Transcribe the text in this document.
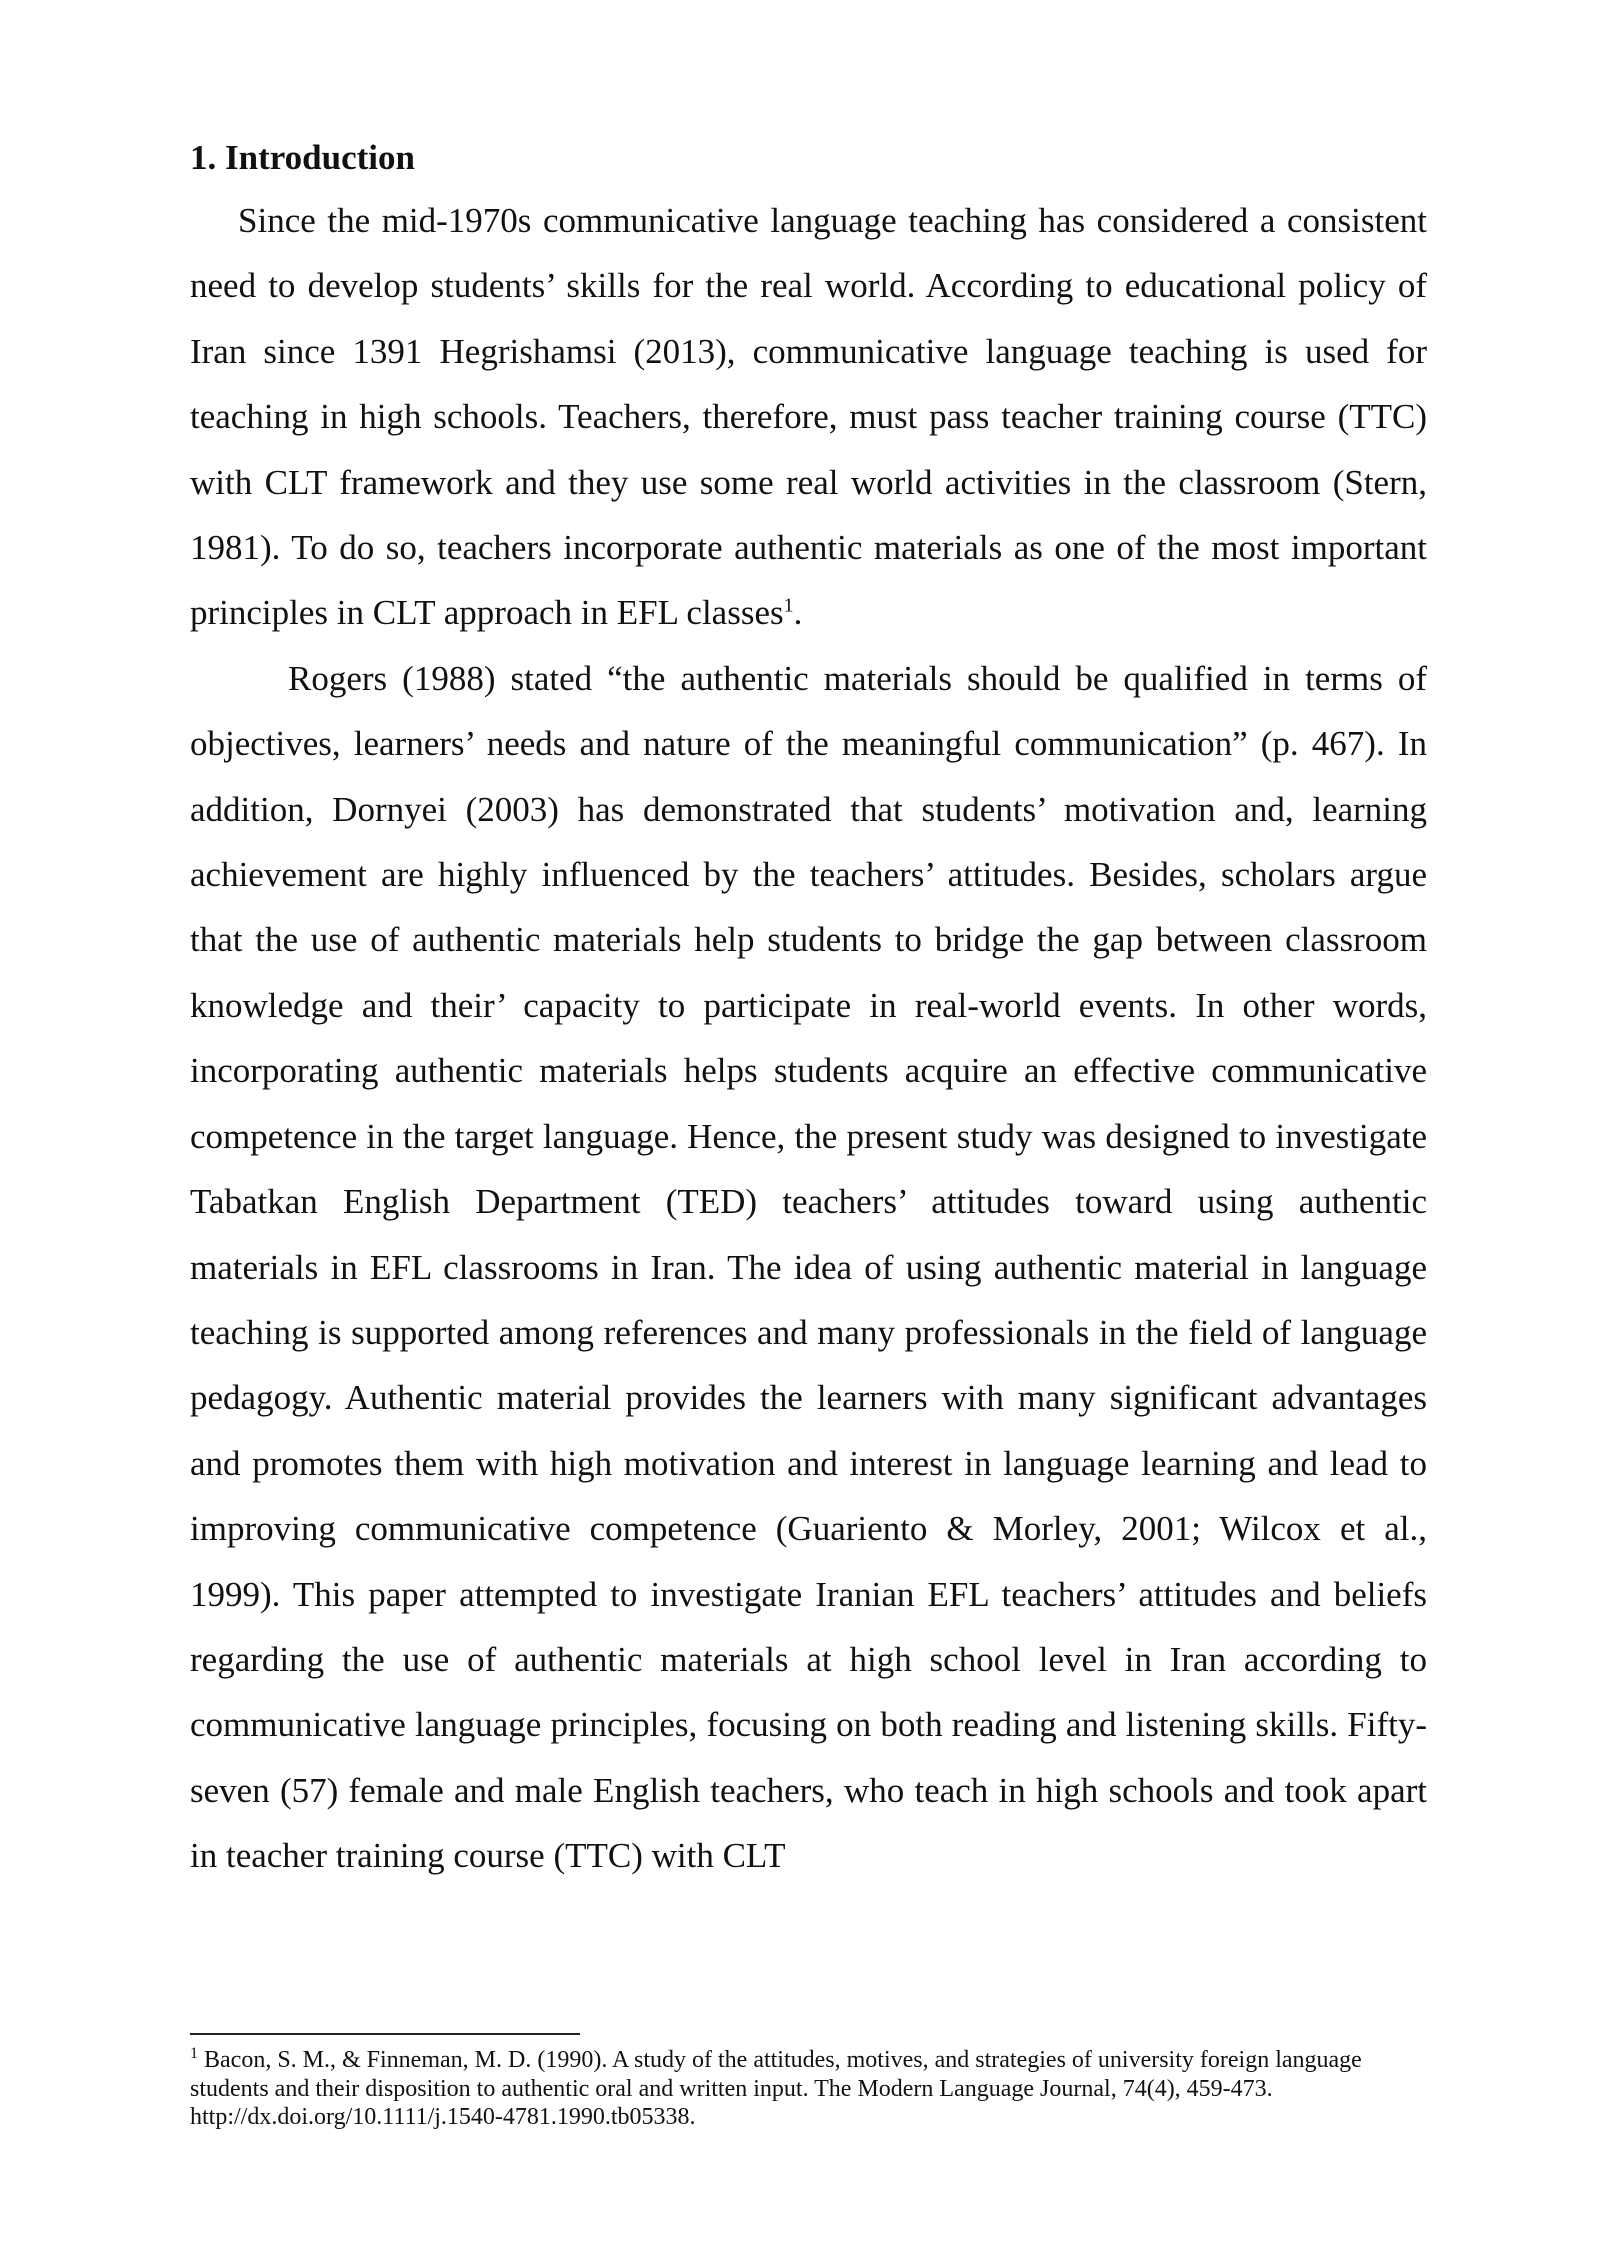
1. Introduction

Since the mid-1970s communicative language teaching has considered a consistent need to develop students’ skills for the real world. According to educational policy of Iran since 1391 Hegrishamsi (2013), communicative language teaching is used for teaching in high schools. Teachers, therefore, must pass teacher training course (TTC) with CLT framework and they use some real world activities in the classroom (Stern, 1981). To do so, teachers incorporate authentic materials as one of the most important principles in CLT approach in EFL classes$^1$.

Rogers (1988) stated “the authentic materials should be qualified in terms of objectives, learners’ needs and nature of the meaningful communication” (p. 467). In addition, Dornyei (2003) has demonstrated that students’ motivation and, learning achievement are highly influenced by the teachers’ attitudes. Besides, scholars argue that the use of authentic materials help students to bridge the gap between classroom knowledge and their’ capacity to participate in real-world events. In other words, incorporating authentic materials helps students acquire an effective communicative competence in the target language. Hence, the present study was designed to investigate Tabatkan English Department (TED) teachers’ attitudes toward using authentic materials in EFL classrooms in Iran. The idea of using authentic material in language teaching is supported among references and many professionals in the field of language pedagogy. Authentic material provides the learners with many significant advantages and promotes them with high motivation and interest in language learning and lead to improving communicative competence (Guariento & Morley, 2001; Wilcox et al., 1999). This paper attempted to investigate Iranian EFL teachers’ attitudes and beliefs regarding the use of authentic materials at high school level in Iran according to communicative language principles, focusing on both reading and listening skills. Fifty-seven (57) female and male English teachers, who teach in high schools and took apart in teacher training course (TTC) with CLT

$^1$ Bacon, S. M., & Finneman, M. D. (1990). A study of the attitudes, motives, and strategies of university foreign language students and their disposition to authentic oral and written input. The Modern Language Journal, 74(4), 459-473. http://dx.doi.org/10.1111/j.1540-4781.1990.tb05338.
